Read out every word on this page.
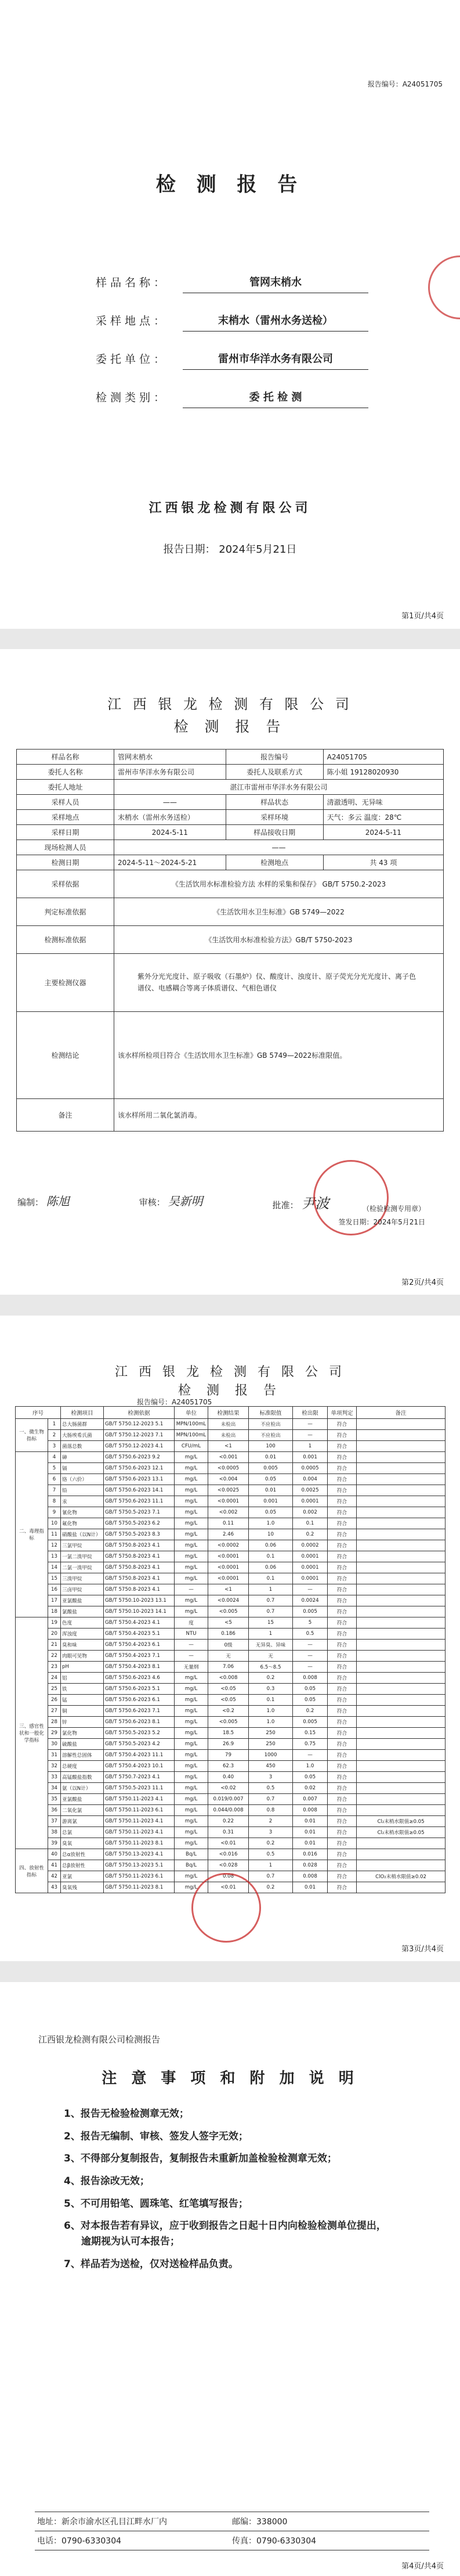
报告编号：A24051705
检 测 报 告
样品名称：	管网末梢水
采样地点：	末梢水（雷州水务送检）
委托单位：	雷州市华洋水务有限公司
检测类别：	委 托 检 测
江西银龙检测有限公司
报告日期： 2024年5月21日
第1页/共4页
江 西 银 龙 检 测 有 限 公 司
检 测 报 告
样品名称	管网末梢水	报告编号	A24051705
委托人名称	雷州市华洋水务有限公司	委托人及联系方式	陈小姐 19128020930
委托人地址	湛江市雷州市华洋水务有限公司		
采样人员	——	样品状态	清澈透明、无异味
采样地点	末梢水（雷州水务送检）	采样环境	天气：多云 温度：28℃
采样日期	2024-5-11	样品接收日期	2024-5-11
现场检测人员	——		
检测日期	2024-5-11～2024-5-21	检测地点	共 43 项
采样依据	《生活饮用水标准检验方法 水样的采集和保存》 GB/T 5750.2-2023		
判定标准依据	《生活饮用水卫生标准》GB 5749—2022		
检测标准依据	《生活饮用水标准检验方法》GB/T 5750-2023		
主要检测仪器	紫外分光光度计、原子吸收（石墨炉）仪、酸度计、浊度计、原子荧光分光光度计、离子色谱仪、电感耦合等离子体质谱仪、气相色谱仪		
检测结论	该水样所检项目符合《生活饮用水卫生标准》GB 5749—2022标准限值。		
备注	该水样所用二氧化氯消毒。		
编制： 陈旭	审核： 吴新明	批准： 尹波	（检验检测专用章）
签发日期：2024年5月21日
第2页/共4页
江 西 银 龙 检 测 有 限 公 司
检 测 报 告
报告编号：A24051705
序号		检测项目	检测依据	单位	检测结果	标准限值	检出限	单项判定	备注
一、微生物指标	1	总大肠菌群	GB/T 5750.12-2023 5.1	MPN/100mL	未检出	不应检出	—	符合	
	2	大肠埃希氏菌	GB/T 5750.12-2023 7.1	MPN/100mL	未检出	不应检出	—	符合	
	3	菌落总数	GB/T 5750.12-2023 4.1	CFU/mL	<1	100	1	符合	
二、毒理指标	4	砷	GB/T 5750.6-2023 9.2	mg/L	<0.001	0.01	0.001	符合	
	5	镉	GB/T 5750.6-2023 12.1	mg/L	<0.0005	0.005	0.0005	符合	
	6	铬（六价）	GB/T 5750.6-2023 13.1	mg/L	<0.004	0.05	0.004	符合	
	7	铅	GB/T 5750.6-2023 14.1	mg/L	<0.0025	0.01	0.0025	符合	
	8	汞	GB/T 5750.6-2023 11.1	mg/L	<0.0001	0.001	0.0001	符合	
	9	氰化物	GB/T 5750.5-2023 7.1	mg/L	<0.002	0.05	0.002	符合	
	10	氟化物	GB/T 5750.5-2023 6.2	mg/L	0.11	1.0	0.1	符合	
	11	硝酸盐（以N计）	GB/T 5750.5-2023 8.3	mg/L	2.46	10	0.2	符合	
	12	三氯甲烷	GB/T 5750.8-2023 4.1	mg/L	<0.0002	0.06	0.0002	符合	
	13	一氯二溴甲烷	GB/T 5750.8-2023 4.1	mg/L	<0.0001	0.1	0.0001	符合	
	14	二氯一溴甲烷	GB/T 5750.8-2023 4.1	mg/L	<0.0001	0.06	0.0001	符合	
	15	三溴甲烷	GB/T 5750.8-2023 4.1	mg/L	<0.0001	0.1	0.0001	符合	
	16	三卤甲烷	GB/T 5750.8-2023 4.1	—	<1	1	—	符合	
	17	亚氯酸盐	GB/T 5750.10-2023 13.1	mg/L	<0.0024	0.7	0.0024	符合	
	18	氯酸盐	GB/T 5750.10-2023 14.1	mg/L	<0.005	0.7	0.005	符合	
三、感官性状和一般化学指标	19	色度	GB/T 5750.4-2023 4.1	度	<5	15	5	符合	
	20	浑浊度	GB/T 5750.4-2023 5.1	NTU	0.186	1	0.5	符合	
	21	臭和味	GB/T 5750.4-2023 6.1	—	0级	无异臭、异味	—	符合	
	22	肉眼可见物	GB/T 5750.4-2023 7.1	—	无	无	—	符合	
	23	pH	GB/T 5750.4-2023 8.1	无量纲	7.06	6.5～8.5	—	符合	
	24	铝	GB/T 5750.6-2023 4.6	mg/L	<0.008	0.2	0.008	符合	
	25	铁	GB/T 5750.6-2023 5.1	mg/L	<0.05	0.3	0.05	符合	
	26	锰	GB/T 5750.6-2023 6.1	mg/L	<0.05	0.1	0.05	符合	
	27	铜	GB/T 5750.6-2023 7.1	mg/L	<0.2	1.0	0.2	符合	
	28	锌	GB/T 5750.6-2023 8.1	mg/L	<0.005	1.0	0.005	符合	
	29	氯化物	GB/T 5750.5-2023 5.2	mg/L	18.5	250	0.15	符合	
	30	硫酸盐	GB/T 5750.5-2023 4.2	mg/L	26.9	250	0.75	符合	
	31	溶解性总固体	GB/T 5750.4-2023 11.1	mg/L	79	1000	—	符合	
	32	总硬度	GB/T 5750.4-2023 10.1	mg/L	62.3	450	1.0	符合	
	33	高锰酸盐指数	GB/T 5750.7-2023 4.1	mg/L	0.40	3	0.05	符合	
	34	氨（以N计）	GB/T 5750.5-2023 11.1	mg/L	<0.02	0.5	0.02	符合	
	35	亚氯酸盐	GB/T 5750.11-2023 4.1	mg/L	0.019/0.007	0.7	0.007	符合	
	36	二氧化氯	GB/T 5750.11-2023 6.1	mg/L	0.044/0.008	0.8	0.008	符合	
	37	游离氯	GB/T 5750.11-2023 4.1	mg/L	0.22	2	0.01	符合	Cl₂末梢水限值≥0.05
	38	总氯	GB/T 5750.11-2023 4.1	mg/L	0.31	3	0.01	符合	Cl₂末梢水限值≥0.05
	39	臭氧	GB/T 5750.11-2023 8.1	mg/L	<0.01	0.2	0.01	符合	
四、放射性指标	40	总α放射性	GB/T 5750.13-2023 4.1	Bq/L	<0.016	0.5	0.016	符合	
	41	总β放射性	GB/T 5750.13-2023 5.1	Bq/L	<0.028	1	0.028	符合	
	42	亚氯	GB/T 5750.11-2023 6.1	mg/L	0.08	0.7	0.008	符合	ClO₂末梢水限值≥0.02
	43	臭氧残	GB/T 5750.11-2023 8.1	mg/L	<0.01	0.2	0.01	符合	
第3页/共4页
江西银龙检测有限公司检测报告
注 意 事 项 和 附 加 说 明
1、报告无检验检测章无效；
2、报告无编制、审核、签发人签字无效；
3、不得部分复制报告，复制报告未重新加盖检验检测章无效；
4、报告涂改无效；
5、不可用铅笔、圆珠笔、红笔填写报告；
6、对本报告若有异议，应于收到报告之日起十日内向检验检测单位提出，
逾期视为认可本报告；
7、样品若为送检，仅对送检样品负责。
地址：新余市渝水区孔目江畔水厂内	邮编：338000
电话：0790-6330304	传真：0790-6330304
第4页/共4页
